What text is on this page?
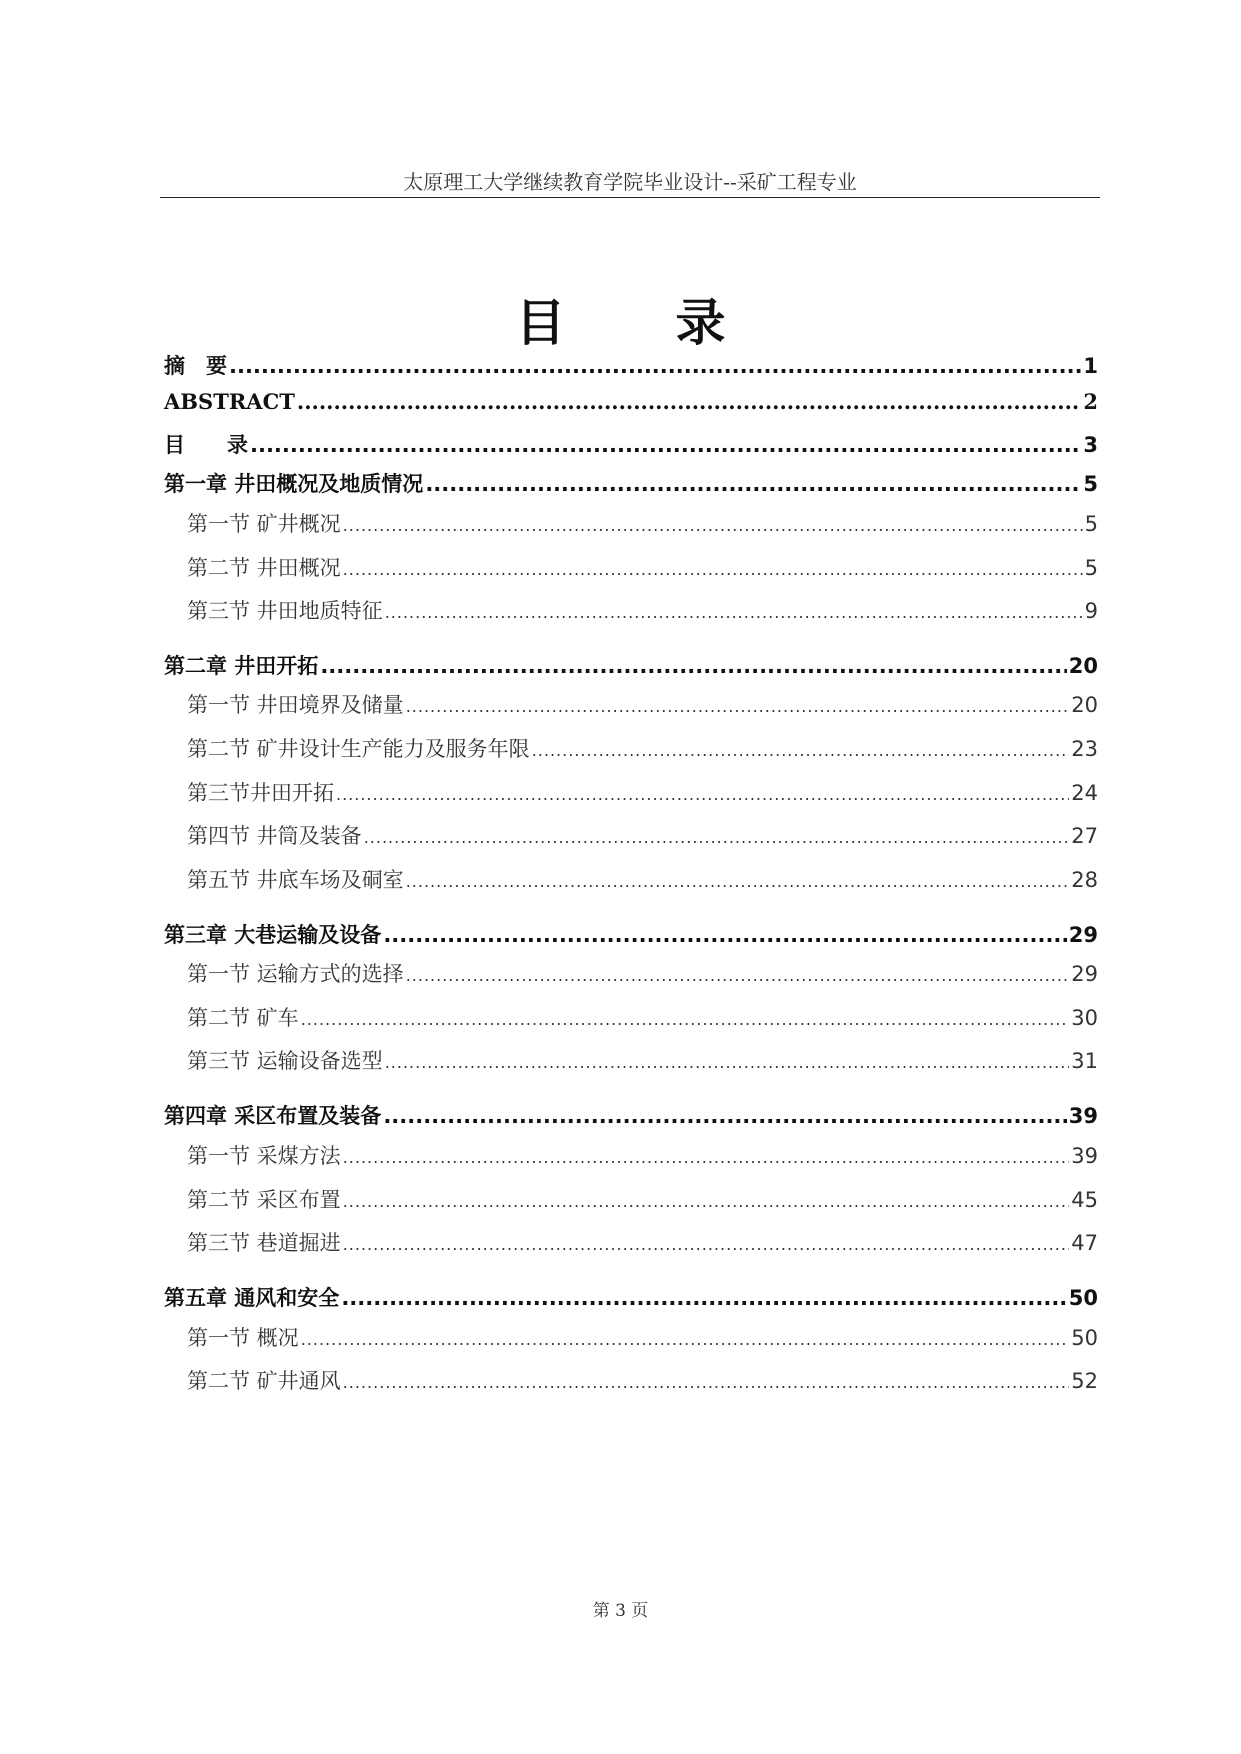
太原理工大学继续教育学院毕业设计--采矿工程专业
目 录
摘　要 .....	1
ABSTRACT .....	2
目　　录 .....	3
第一章 井田概况及地质情况 .....	5
第一节 矿井概况 .....	5
第二节 井田概况 .....	5
第三节 井田地质特征 .....	9
第二章 井田开拓 .....	20
第一节 井田境界及储量 .....	20
第二节 矿井设计生产能力及服务年限 .....	23
第三节井田开拓 .....	24
第四节 井筒及装备 .....	27
第五节 井底车场及硐室 .....	28
第三章 大巷运输及设备 .....	29
第一节 运输方式的选择 .....	29
第二节 矿车 .....	30
第三节 运输设备选型 .....	31
第四章 采区布置及装备 .....	39
第一节 采煤方法 .....	39
第二节 采区布置 .....	45
第三节 巷道掘进 .....	47
第五章 通风和安全 .....	50
第一节 概况 .....	50
第二节 矿井通风 .....	52
第 3 页
